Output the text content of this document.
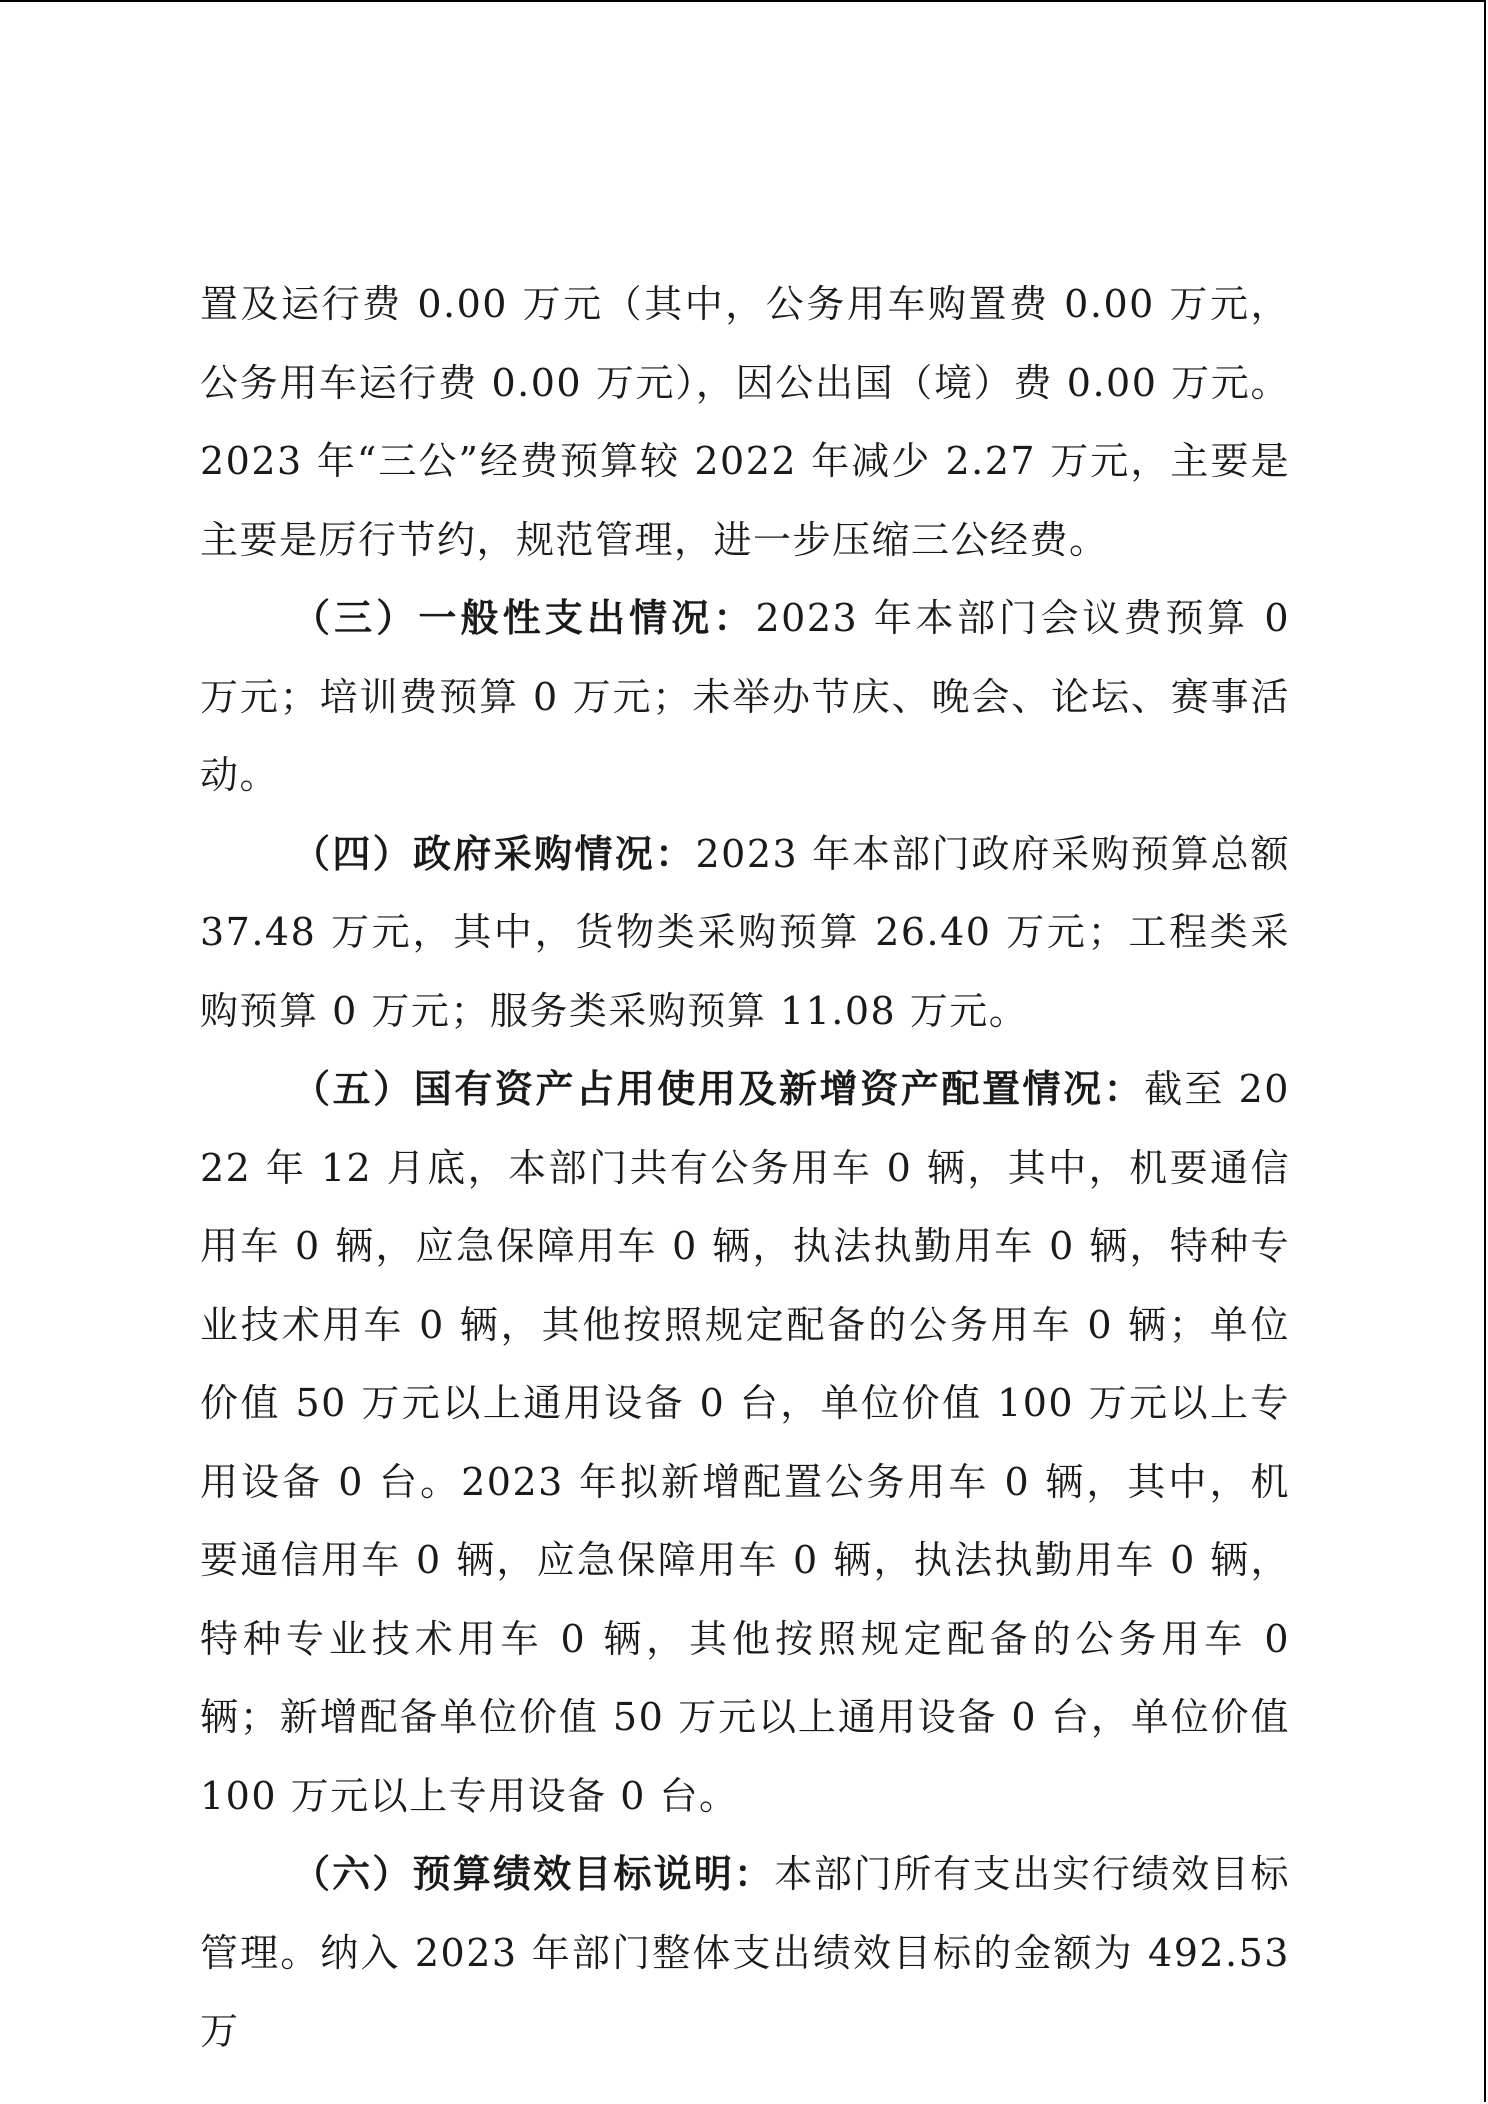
置及运行费 0.00 万元（其中，公务用车购置费 0.00 万元，公务用车运行费 0.00 万元），因公出国（境）费 0.00 万元。2023 年“三公”经费预算较 2022 年减少 2.27 万元，主要是主要是厉行节约，规范管理，进一步压缩三公经费。

（三）一般性支出情况：2023 年本部门会议费预算 0 万元；培训费预算 0 万元；未举办节庆、晚会、论坛、赛事活动。

（四）政府采购情况：2023 年本部门政府采购预算总额 37.48 万元，其中，货物类采购预算 26.40 万元；工程类采购预算 0 万元；服务类采购预算 11.08 万元。

（五）国有资产占用使用及新增资产配置情况：截至 2022 年 12 月底，本部门共有公务用车 0 辆，其中，机要通信用车 0 辆，应急保障用车 0 辆，执法执勤用车 0 辆，特种专业技术用车 0 辆，其他按照规定配备的公务用车 0 辆；单位价值 50 万元以上通用设备 0 台，单位价值 100 万元以上专用设备 0 台。2023 年拟新增配置公务用车 0 辆，其中，机要通信用车 0 辆，应急保障用车 0 辆，执法执勤用车 0 辆，特种专业技术用车 0 辆，其他按照规定配备的公务用车 0 辆；新增配备单位价值 50 万元以上通用设备 0 台，单位价值 100 万元以上专用设备 0 台。

（六）预算绩效目标说明：本部门所有支出实行绩效目标管理。纳入 2023 年部门整体支出绩效目标的金额为 492.53 万
